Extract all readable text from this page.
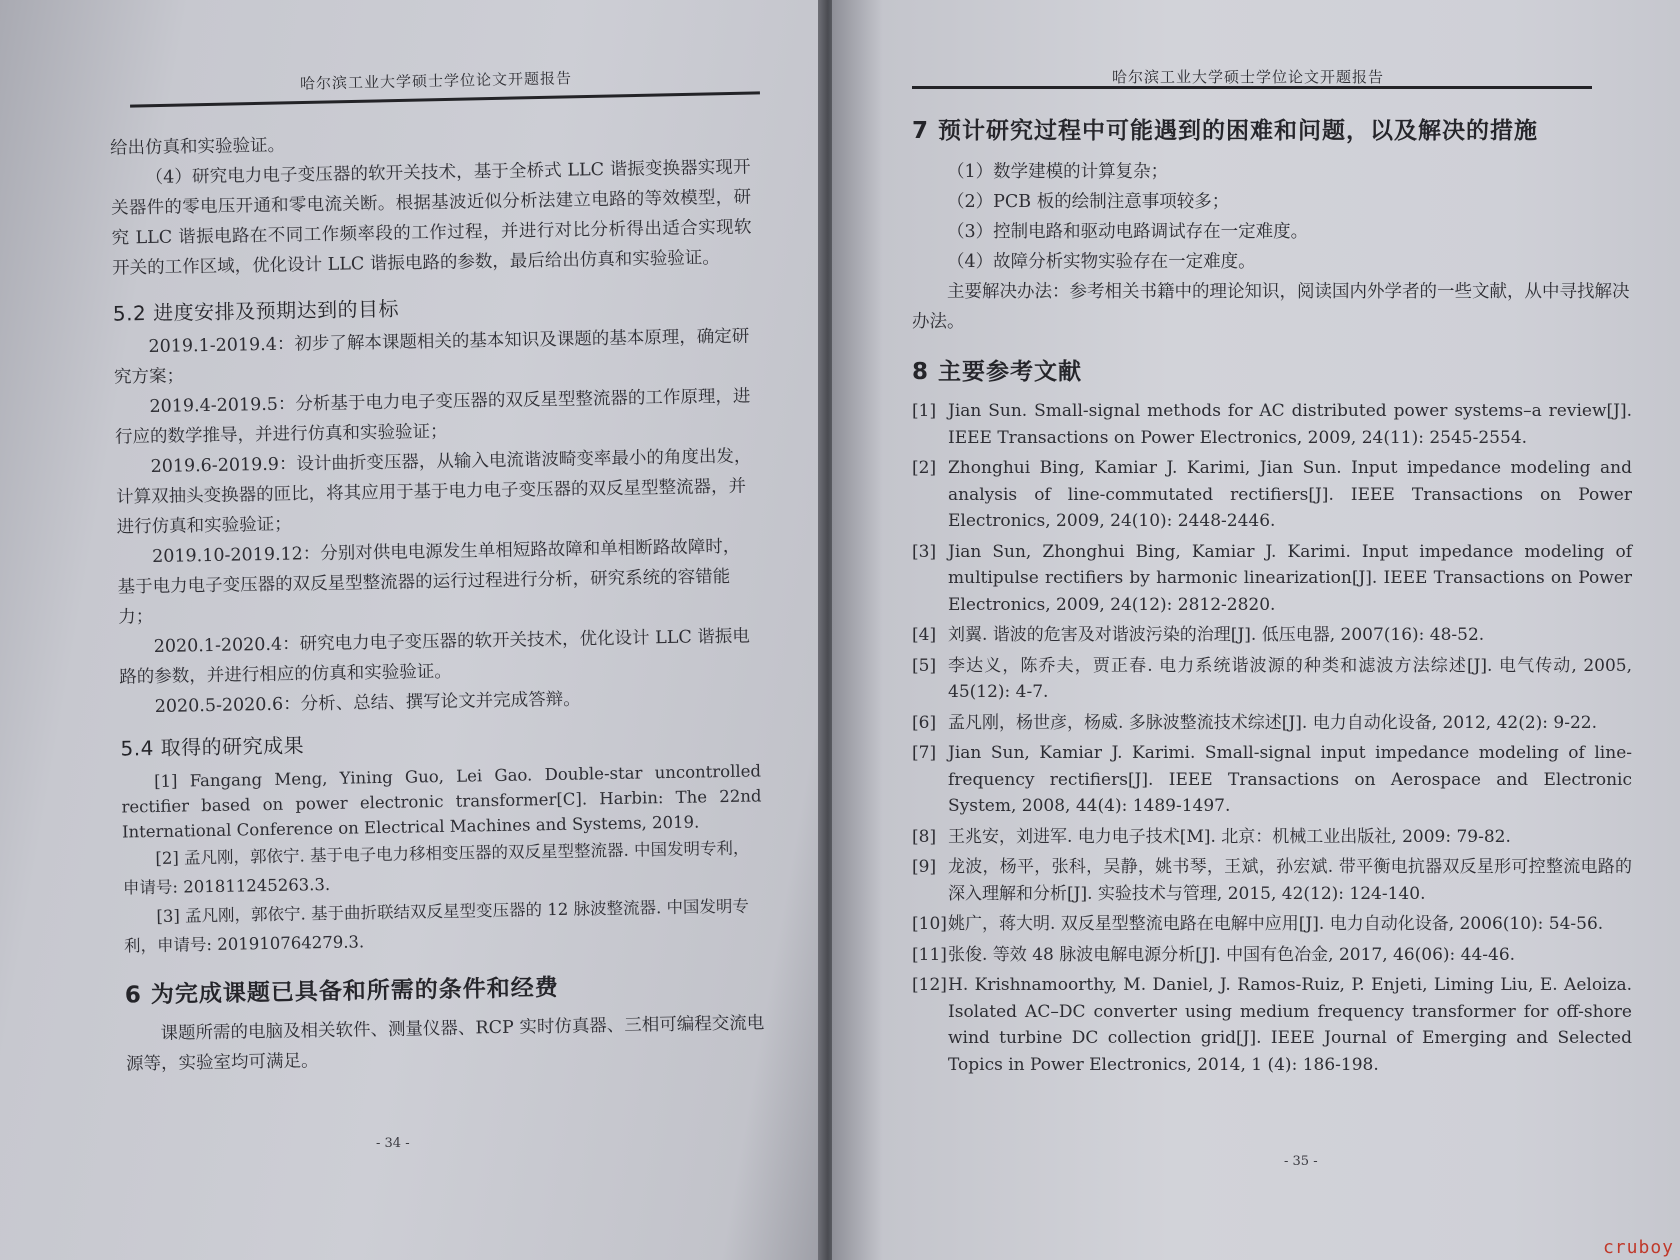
哈尔滨工业大学硕士学位论文开题报告
给出仿真和实验验证。
（4）研究电力电子变压器的软开关技术，基于全桥式 LLC 谐振变换器实现开关器件的零电压开通和零电流关断。根据基波近似分析法建立电路的等效模型，研究 LLC 谐振电路在不同工作频率段的工作过程，并进行对比分析得出适合实现软开关的工作区域，优化设计 LLC 谐振电路的参数，最后给出仿真和实验验证。
5.2 进度安排及预期达到的目标
2019.1-2019.4：初步了解本课题相关的基本知识及课题的基本原理，确定研究方案；
2019.4-2019.5：分析基于电力电子变压器的双反星型整流器的工作原理，进行应的数学推导，并进行仿真和实验验证；
2019.6-2019.9：设计曲折变压器，从输入电流谐波畸变率最小的角度出发，计算双抽头变换器的匝比，将其应用于基于电力电子变压器的双反星型整流器，并进行仿真和实验验证；
2019.10-2019.12：分别对供电电源发生单相短路故障和单相断路故障时，基于电力电子变压器的双反星型整流器的运行过程进行分析，研究系统的容错能力；
2020.1-2020.4：研究电力电子变压器的软开关技术，优化设计 LLC 谐振电路的参数，并进行相应的仿真和实验验证。
2020.5-2020.6：分析、总结、撰写论文并完成答辩。
5.4 取得的研究成果
[1] Fangang Meng, Yining Guo, Lei Gao. Double-star uncontrolled rectifier based on power electronic transformer[C]. Harbin: The 22nd International Conference on Electrical Machines and Systems, 2019.
[2] 孟凡刚，郭依宁. 基于电子电力移相变压器的双反星型整流器. 中国发明专利，申请号: 201811245263.3.
[3] 孟凡刚，郭依宁. 基于曲折联结双反星型变压器的 12 脉波整流器. 中国发明专利，申请号: 201910764279.3.
6 为完成课题已具备和所需的条件和经费
课题所需的电脑及相关软件、测量仪器、RCP 实时仿真器、三相可编程交流电源等，实验室均可满足。
- 34 -
哈尔滨工业大学硕士学位论文开题报告
7 预计研究过程中可能遇到的困难和问题，以及解决的措施
（1）数学建模的计算复杂；
（2）PCB 板的绘制注意事项较多；
（3）控制电路和驱动电路调试存在一定难度。
（4）故障分析实物实验存在一定难度。
主要解决办法：参考相关书籍中的理论知识，阅读国内外学者的一些文献，从中寻找解决办法。
8 主要参考文献
[1] Jian Sun. Small-signal methods for AC distributed power systems–a review[J]. IEEE Transactions on Power Electronics, 2009, 24(11): 2545-2554.
[2] Zhonghui Bing, Kamiar J. Karimi, Jian Sun. Input impedance modeling and analysis of line-commutated rectifiers[J]. IEEE Transactions on Power Electronics, 2009, 24(10): 2448-2446.
[3] Jian Sun, Zhonghui Bing, Kamiar J. Karimi. Input impedance modeling of multipulse rectifiers by harmonic linearization[J]. IEEE Transactions on Power Electronics, 2009, 24(12): 2812-2820.
[4] 刘翼. 谐波的危害及对谐波污染的治理[J]. 低压电器, 2007(16): 48-52.
[5] 李达义，陈乔夫，贾正春. 电力系统谐波源的种类和滤波方法综述[J]. 电气传动, 2005, 45(12): 4-7.
[6] 孟凡刚，杨世彦，杨威. 多脉波整流技术综述[J]. 电力自动化设备, 2012, 42(2): 9-22.
[7] Jian Sun, Kamiar J. Karimi. Small-signal input impedance modeling of line-frequency rectifiers[J]. IEEE Transactions on Aerospace and Electronic System, 2008, 44(4): 1489-1497.
[8] 王兆安，刘进军. 电力电子技术[M]. 北京：机械工业出版社, 2009: 79-82.
[9] 龙波，杨平，张科，吴静，姚书琴，王斌，孙宏斌. 带平衡电抗器双反星形可控整流电路的深入理解和分析[J]. 实验技术与管理, 2015, 42(12): 124-140.
[10] 姚广，蒋大明. 双反星型整流电路在电解中应用[J]. 电力自动化设备, 2006(10): 54-56.
[11] 张俊. 等效 48 脉波电解电源分析[J]. 中国有色冶金, 2017, 46(06): 44-46.
[12] H. Krishnamoorthy, M. Daniel, J. Ramos-Ruiz, P. Enjeti, Liming Liu, E. Aeloiza. Isolated AC–DC converter using medium frequency transformer for off-shore wind turbine DC collection grid[J]. IEEE Journal of Emerging and Selected Topics in Power Electronics, 2014, 1 (4): 186-198.
- 35 -
cruboy
